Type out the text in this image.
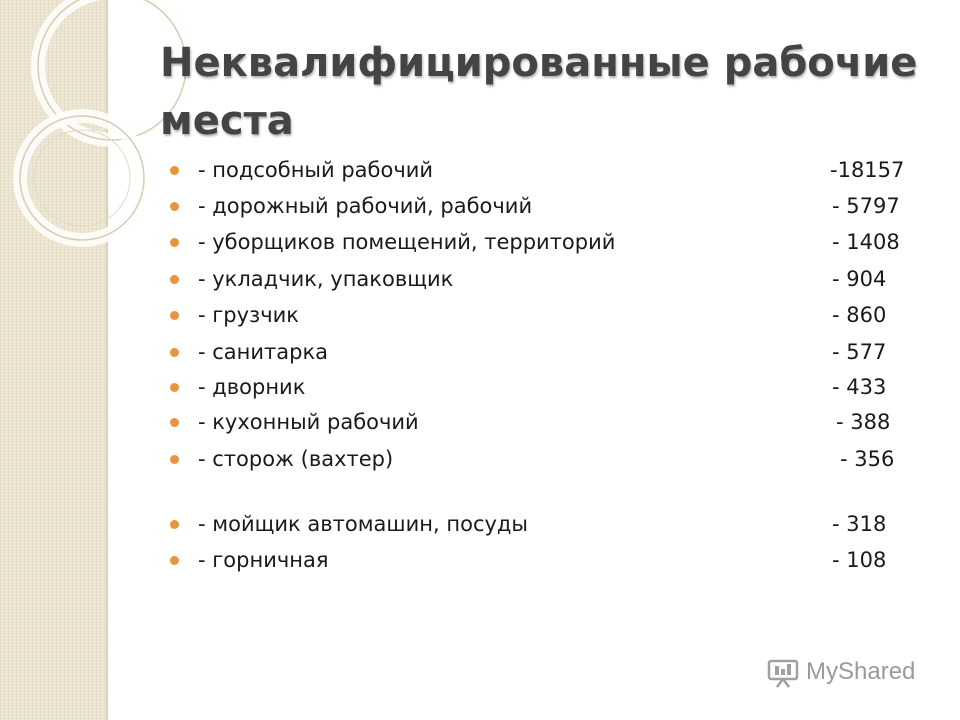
Неквалифицированные рабочие места
- подсобный рабочий	-18157
- дорожный рабочий, рабочий	- 5797
- уборщиков помещений, территорий	- 1408
- укладчик, упаковщик	- 904
- грузчик	- 860
- санитарка	- 577
- дворник	- 433
- кухонный рабочий	- 388
- сторож (вахтер)	- 356
- мойщик автомашин, посуды	- 318
- горничная	- 108
MyShared
